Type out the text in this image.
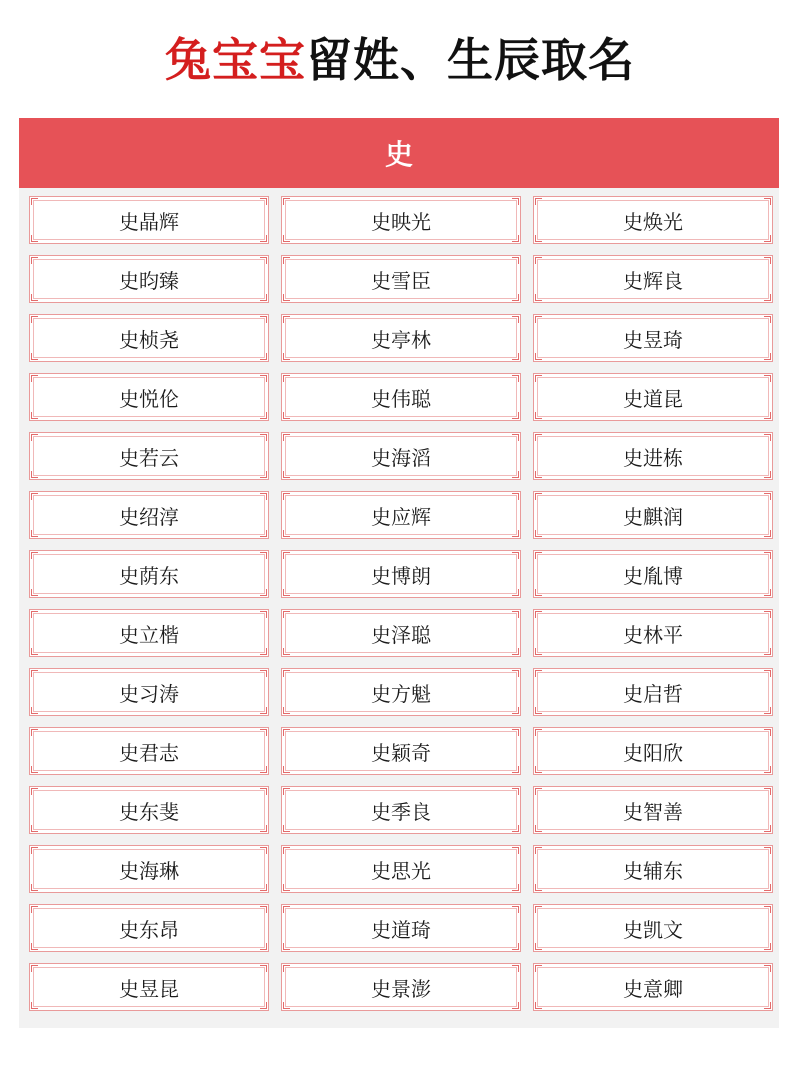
兔宝宝留姓、生辰取名
史
史晶辉	史映光	史焕光
史昀臻	史雪臣	史辉良
史桢尧	史亭林	史昱琦
史悦伦	史伟聪	史道昆
史若云	史海滔	史进栋
史绍淳	史应辉	史麒润
史荫东	史博朗	史胤博
史立楷	史泽聪	史林平
史习涛	史方魁	史启哲
史君志	史颖奇	史阳欣
史东斐	史季良	史智善
史海琳	史思光	史辅东
史东昂	史道琦	史凯文
史昱昆	史景澎	史意卿
